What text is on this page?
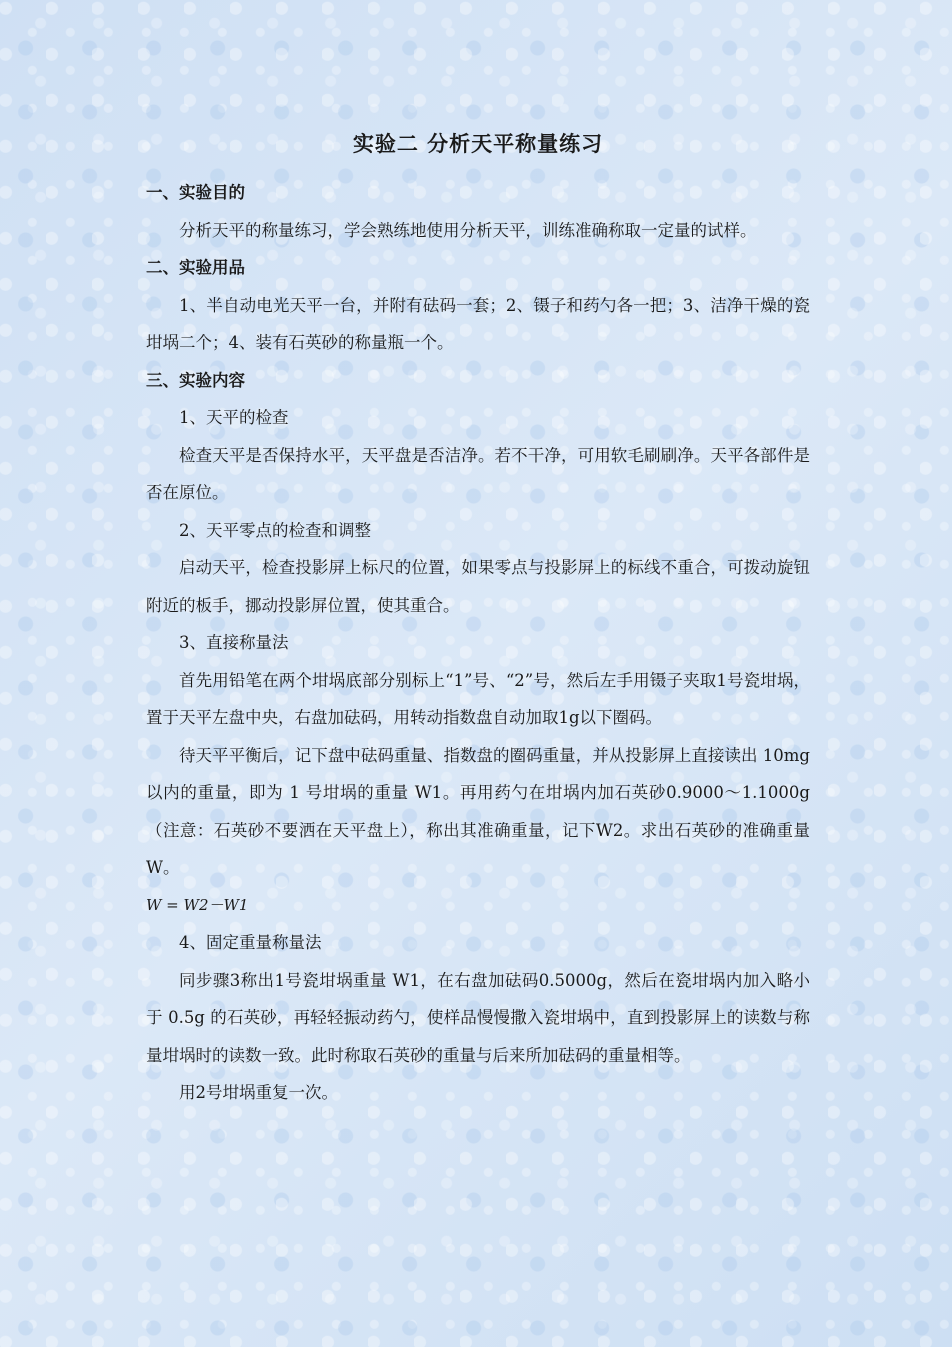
实验二 分析天平称量练习
一、实验目的

分析天平的称量练习，学会熟练地使用分析天平，训练准确称取一定量的试样。

二、实验用品

1、半自动电光天平一台，并附有砝码一套；2、镊子和药勺各一把；3、洁净干燥的瓷坩埚二个；4、装有石英砂的称量瓶一个。

三、实验内容

1、天平的检查

检查天平是否保持水平，天平盘是否洁净。若不干净，可用软毛刷刷净。天平各部件是否在原位。

2、天平零点的检查和调整

启动天平，检查投影屏上标尺的位置，如果零点与投影屏上的标线不重合，可拨动旋钮附近的板手，挪动投影屏位置，使其重合。

3、直接称量法

首先用铅笔在两个坩埚底部分别标上“1”号、“2”号，然后左手用镊子夹取1号瓷坩埚，置于天平左盘中央，右盘加砝码，用转动指数盘自动加取1g以下圈码。

待天平平衡后，记下盘中砝码重量、指数盘的圈码重量，并从投影屏上直接读出 10mg 以内的重量，即为 1 号坩埚的重量 W1。再用药勺在坩埚内加石英砂0.9000～1.1000g（注意：石英砂不要洒在天平盘上），称出其准确重量，记下W2。求出石英砂的准确重量 W。

W = W2－W1

4、固定重量称量法

同步骤3称出1号瓷坩埚重量 W1，在右盘加砝码0.5000g，然后在瓷坩埚内加入略小于 0.5g 的石英砂，再轻轻振动药勺，使样品慢慢撒入瓷坩埚中，直到投影屏上的读数与称量坩埚时的读数一致。此时称取石英砂的重量与后来所加砝码的重量相等。

用2号坩埚重复一次。
